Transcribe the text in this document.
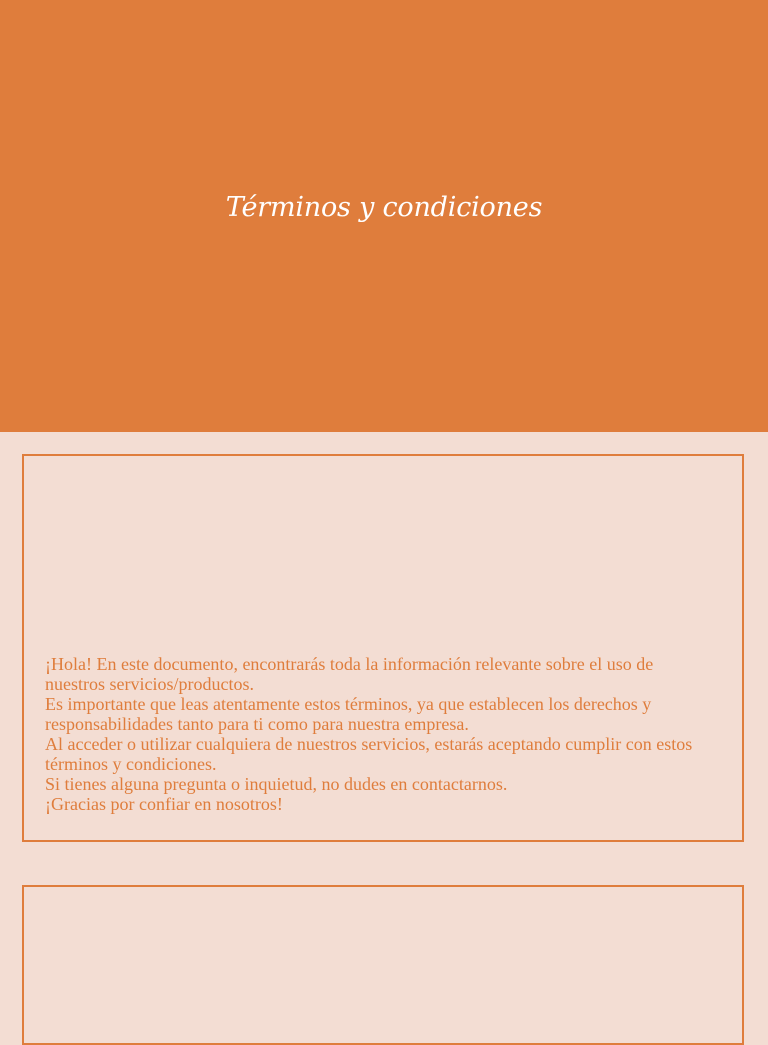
Términos y condiciones

¡Hola! En este documento, encontrarás toda la información relevante sobre el uso de nuestros servicios/productos.
Es importante que leas atentamente estos términos, ya que establecen los derechos y responsabilidades tanto para ti como para nuestra empresa.
Al acceder o utilizar cualquiera de nuestros servicios, estarás aceptando cumplir con estos términos y condiciones.
Si tienes alguna pregunta o inquietud, no dudes en contactarnos.
¡Gracias por confiar en nosotros!
